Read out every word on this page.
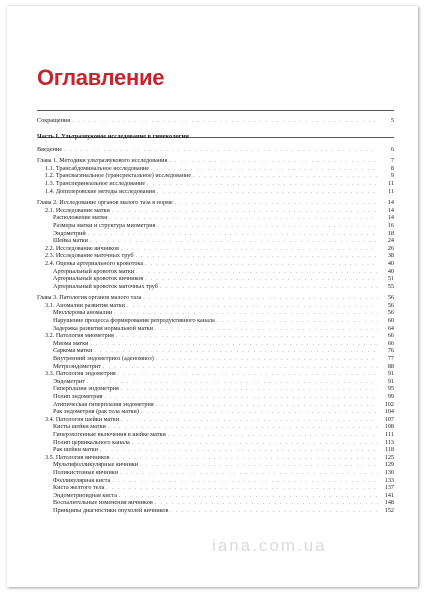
Оглавление
Сокращения . . .	5
Часть I. Ультразвуковое исследование в гинекологии
Введение . . .	6
Глава 1. Методики ультразвукового исследования . . .	7
1.1. Трансабдоминальное исследование . . .	8
1.2. Трансвагинальное (трансректальное) исследование . . .	9
1.3. Трансперинеальное исследование . . .	11
1.4. Допплеровские методы исследования . . .	11
Глава 2. Исследование органов малого таза в норме . . .	14
2.1. Исследование матки . . .	14
Расположение матки . . .	14
Размеры матки и структура миометрия . . .	16
Эндометрий . . .	18
Шейка матки . . .	24
2.2. Исследование яичников . . .	26
2.3. Исследование маточных труб . . .	38
2.4. Оценка артериального кровотока . . .	40
Артериальный кровоток матки . . .	40
Артериальный кровоток яичников . . .	51
Артериальный кровоток маточных труб . . .	55
Глава 3. Патология органов малого таза . . .	56
3.1. Аномалии развития матки . . .	56
Мюллеровы аномалии . . .	56
Нарушение процесса формирования репродуктивного канала . . .	60
Задержка развития нормальной матки . . .	64
3.2. Патология миометрия . . .	66
Миома матки . . .	66
Саркома матки . . .	76
Внутренний эндометриоз (аденомиоз) . . .	77
Метроэндометрит . . .	88
3.3. Патология эндометрия . . .	91
Эндометрит . . .	91
Гиперплазия эндометрия . . .	95
Полип эндометрия . . .	99
Атипическая гиперплазия эндометрия . . .	102
Рак эндометрия (рак тела матки) . . .	104
3.4. Патология шейки матки . . .	107
Кисты шейки матки . . .	108
Гиперэхогенные включения в шейке матки . . .	111
Полип цервикального канала . . .	113
Рак шейки матки . . .	118
3.5. Патология яичников . . .	125
Мультифолликулярные яичники . . .	129
Поликистозные яичники . . .	130
Фолликулярная киста . . .	133
Киста желтого тела . . .	137
Эндометриоидная киста . . .	141
Воспалительные изменения яичников . . .	148
Принципы диагностики опухолей яичников . . .	152
iana.com.ua
